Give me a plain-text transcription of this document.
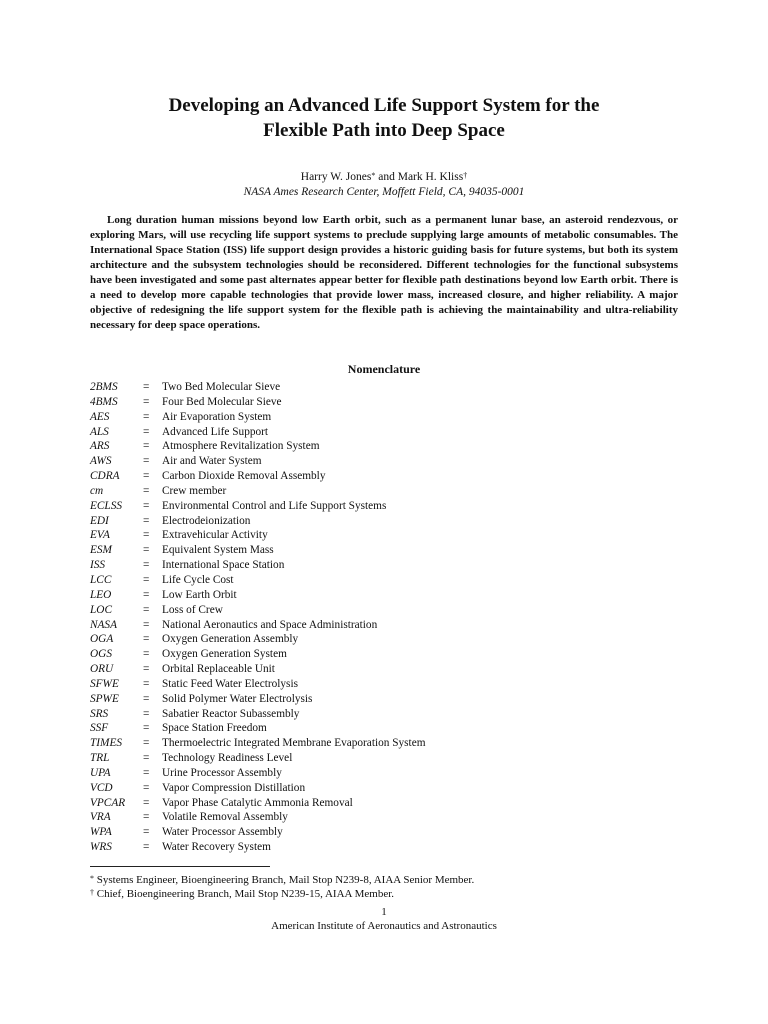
Developing an Advanced Life Support System for the
Flexible Path into Deep Space
Harry W. Jones* and Mark H. Kliss†
NASA Ames Research Center, Moffett Field, CA, 94035-0001

Long duration human missions beyond low Earth orbit, such as a permanent lunar base, an asteroid rendezvous, or exploring Mars, will use recycling life support systems to preclude supplying large amounts of metabolic consumables. The International Space Station (ISS) life support design provides a historic guiding basis for future systems, but both its system architecture and the subsystem technologies should be reconsidered. Different technologies for the functional subsystems have been investigated and some past alternates appear better for flexible path destinations beyond low Earth orbit. There is a need to develop more capable technologies that provide lower mass, increased closure, and higher reliability. A major objective of redesigning the life support system for the flexible path is achieving the maintainability and ultra-reliability necessary for deep space operations.

Nomenclature
2BMS	=	Two Bed Molecular Sieve
4BMS	=	Four Bed Molecular Sieve
AES	=	Air Evaporation System
ALS	=	Advanced Life Support
ARS	=	Atmosphere Revitalization System
AWS	=	Air and Water System
CDRA	=	Carbon Dioxide Removal Assembly
cm	=	Crew member
ECLSS	=	Environmental Control and Life Support Systems
EDI	=	Electrodeionization
EVA	=	Extravehicular Activity
ESM	=	Equivalent System Mass
ISS	=	International Space Station
LCC	=	Life Cycle Cost
LEO	=	Low Earth Orbit
LOC	=	Loss of Crew
NASA	=	National Aeronautics and Space Administration
OGA	=	Oxygen Generation Assembly
OGS	=	Oxygen Generation System
ORU	=	Orbital Replaceable Unit
SFWE	=	Static Feed Water Electrolysis
SPWE	=	Solid Polymer Water Electrolysis
SRS	=	Sabatier Reactor Subassembly
SSF	=	Space Station Freedom
TIMES	=	Thermoelectric Integrated Membrane Evaporation System
TRL	=	Technology Readiness Level
UPA	=	Urine Processor Assembly
VCD	=	Vapor Compression Distillation
VPCAR	=	Vapor Phase Catalytic Ammonia Removal
VRA	=	Volatile Removal Assembly
WPA	=	Water Processor Assembly
WRS	=	Water Recovery System
* Systems Engineer, Bioengineering Branch, Mail Stop N239-8, AIAA Senior Member.
† Chief, Bioengineering Branch, Mail Stop N239-15, AIAA Member.
1
American Institute of Aeronautics and Astronautics
